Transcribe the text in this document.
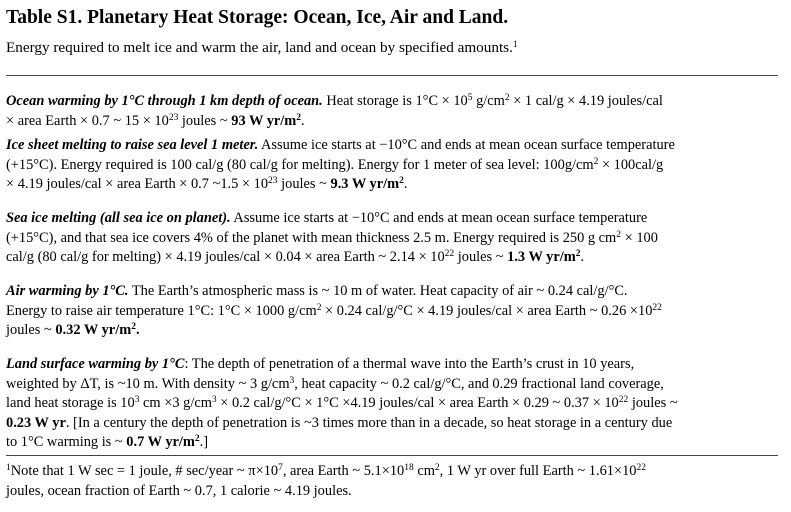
Table S1. Planetary Heat Storage: Ocean, Ice, Air and Land.
Energy required to melt ice and warm the air, land and ocean by specified amounts.$^1$
Ocean warming by 1°C through 1 km depth of ocean. Heat storage is $1^\circ C \times 10^5$ $g/cm^2 \times 1$ cal/g × 4.19 joules/cal
× area Earth × 0.7 ~ $15 \times 10^{23}$ joules ~ 93 W $yr/m^2$.
Ice sheet melting to raise sea level 1 meter. Assume ice starts at −10°C and ends at mean ocean surface temperature
(+15°C). Energy required is 100 cal/g (80 cal/g for melting). Energy for 1 meter of sea level: $100g/cm^2 \times 100cal/g$
× 4.19 joules/cal × area Earth × 0.7 ~1.5 × $10^{23}$ joules ~ 9.3 W $yr/m^2$.
Sea ice melting (all sea ice on planet). Assume ice starts at −10°C and ends at mean ocean surface temperature
(+15°C), and that sea ice covers 4% of the planet with mean thickness 2.5 m. Energy required is 250 g $cm^2 \times 100$
cal/g (80 cal/g for melting) × 4.19 joules/cal × 0.04 × area Earth ~ $2.14 \times 10^{22}$ joules ~ 1.3 W $yr/m^2$.
Air warming by 1°C. The Earth’s atmospheric mass is ~ 10 m of water. Heat capacity of air ~ 0.24 cal/g/°C.
Energy to raise air temperature 1°C: 1°C × 1000 $g/cm^2 \times 0.24$ cal/g/°C × 4.19 joules/cal × area Earth ~ $0.26 \times 10^{22}$
joules ~ 0.32 W $yr/m^2$.
Land surface warming by 1°C: The depth of penetration of a thermal wave into the Earth’s crust in 10 years,
weighted by ΔT, is ~10 m. With density ~ 3 $g/cm^3$, heat capacity ~ 0.2 cal/g/°C, and 0.29 fractional land coverage,
land heat storage is $10^3$ cm ×3 $g/cm^3 \times 0.2$ cal/g/°C × 1°C ×4.19 joules/cal × area Earth × 0.29 ~ $0.37 \times 10^{22}$ joules ~
0.23 W yr. [In a century the depth of penetration is ~3 times more than in a decade, so heat storage in a century due
to 1°C warming is ~ 0.7 W $yr/m^2$.]
$^1$Note that 1 W sec = 1 joule, # sec/year ~ $\pi\times 10^7$, area Earth ~ $5.1\times 10^{18}$ $cm^2$, 1 W yr over full Earth ~ $1.61\times 10^{22}$
joules, ocean fraction of Earth ~ 0.7, 1 calorie ~ 4.19 joules.
